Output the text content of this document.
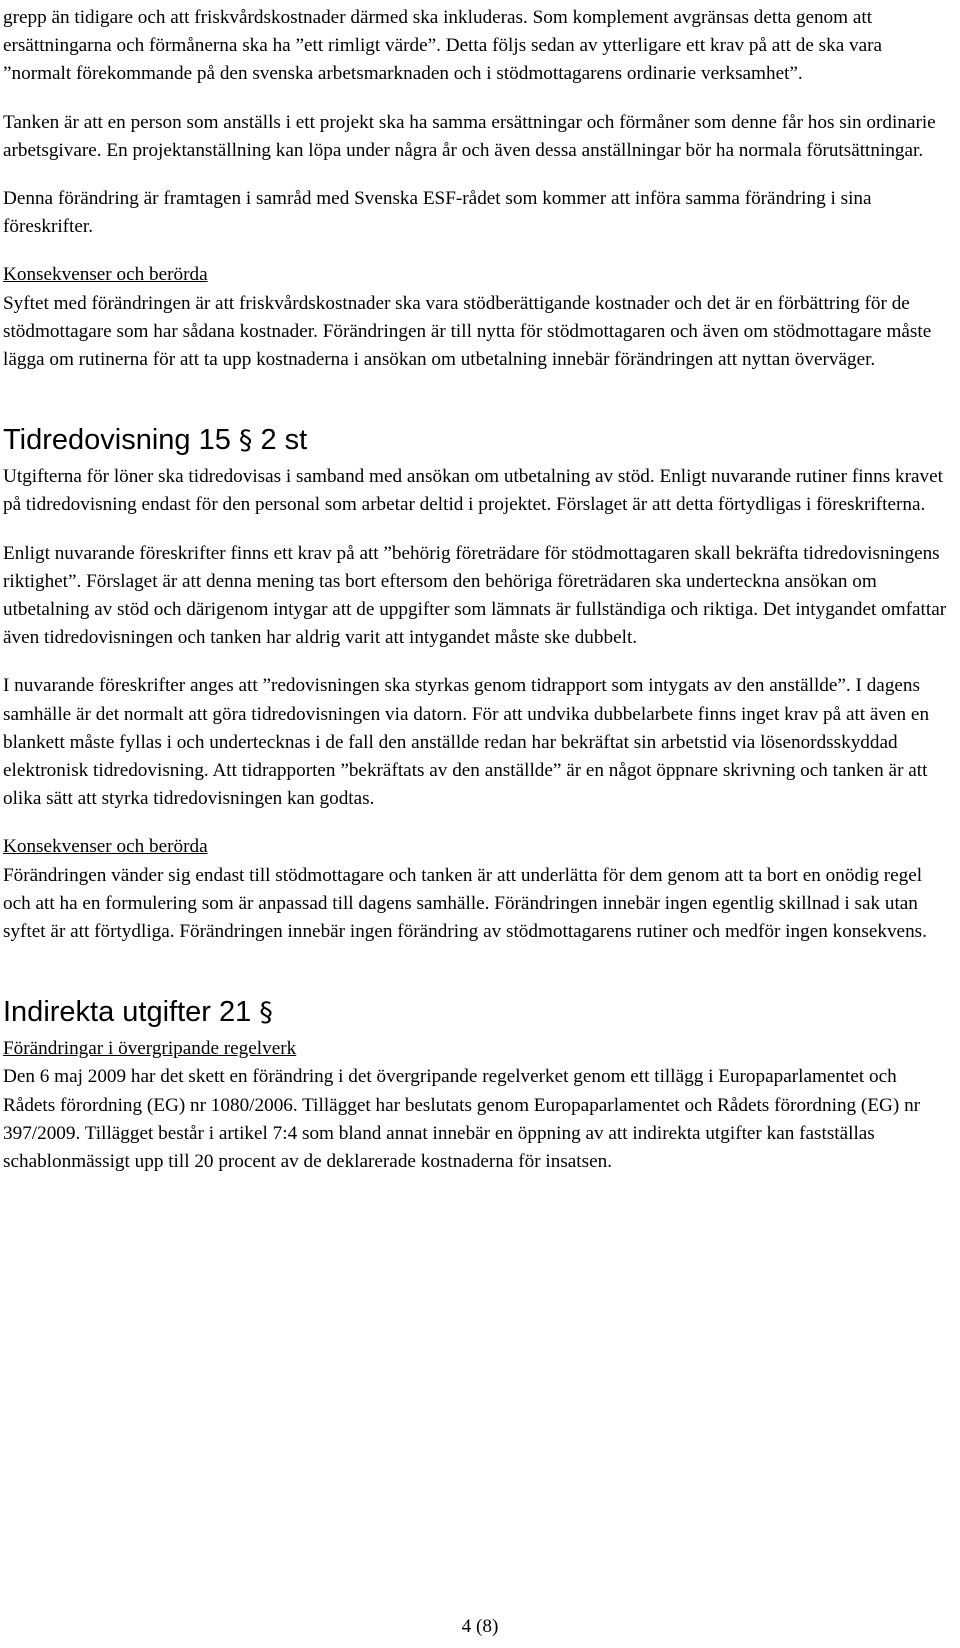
grepp än tidigare och att friskvårdskostnader därmed ska inkluderas. Som komplement avgränsas detta genom att ersättningarna och förmånerna ska ha ”ett rimligt värde”. Detta följs sedan av ytterligare ett krav på att de ska vara ”normalt förekommande på den svenska arbetsmarknaden och i stödmottagarens ordinarie verksamhet”.

Tanken är att en person som anställs i ett projekt ska ha samma ersättningar och förmåner som denne får hos sin ordinarie arbetsgivare. En projektanställning kan löpa under några år och även dessa anställningar bör ha normala förutsättningar.

Denna förändring är framtagen i samråd med Svenska ESF-rådet som kommer att införa samma förändring i sina föreskrifter.

Konsekvenser och berörda

Syftet med förändringen är att friskvårdskostnader ska vara stödberättigande kostnader och det är en förbättring för de stödmottagare som har sådana kostnader. Förändringen är till nytta för stödmottagaren och även om stödmottagare måste lägga om rutinerna för att ta upp kostnaderna i ansökan om utbetalning innebär förändringen att nyttan överväger.

Tidredovisning 15 § 2 st

Utgifterna för löner ska tidredovisas i samband med ansökan om utbetalning av stöd. Enligt nuvarande rutiner finns kravet på tidredovisning endast för den personal som arbetar deltid i projektet. Förslaget är att detta förtydligas i föreskrifterna.

Enligt nuvarande föreskrifter finns ett krav på att ”behörig företrädare för stödmottagaren skall bekräfta tidredovisningens riktighet”. Förslaget är att denna mening tas bort eftersom den behöriga företrädaren ska underteckna ansökan om utbetalning av stöd och därigenom intygar att de uppgifter som lämnats är fullständiga och riktiga. Det intygandet omfattar även tidredovisningen och tanken har aldrig varit att intygandet måste ske dubbelt.

I nuvarande föreskrifter anges att ”redovisningen ska styrkas genom tidrapport som intygats av den anställde”. I dagens samhälle är det normalt att göra tidredovisningen via datorn. För att undvika dubbelarbete finns inget krav på att även en blankett måste fyllas i och undertecknas i de fall den anställde redan har bekräftat sin arbetstid via lösenordsskyddad elektronisk tidredovisning. Att tidrapporten ”bekräftats av den anställde” är en något öppnare skrivning och tanken är att olika sätt att styrka tidredovisningen kan godtas.

Konsekvenser och berörda

Förändringen vänder sig endast till stödmottagare och tanken är att underlätta för dem genom att ta bort en onödig regel och att ha en formulering som är anpassad till dagens samhälle. Förändringen innebär ingen egentlig skillnad i sak utan syftet är att förtydliga. Förändringen innebär ingen förändring av stödmottagarens rutiner och medför ingen konsekvens.

Indirekta utgifter 21 §

Förändringar i övergripande regelverk

Den 6 maj 2009 har det skett en förändring i det övergripande regelverket genom ett tillägg i Europaparlamentet och Rådets förordning (EG) nr 1080/2006. Tillägget har beslutats genom Europaparlamentet och Rådets förordning (EG) nr 397/2009. Tillägget består i artikel 7:4 som bland annat innebär en öppning av att indirekta utgifter kan fastställas schablonmässigt upp till 20 procent av de deklarerade kostnaderna för insatsen.

4 (8)
